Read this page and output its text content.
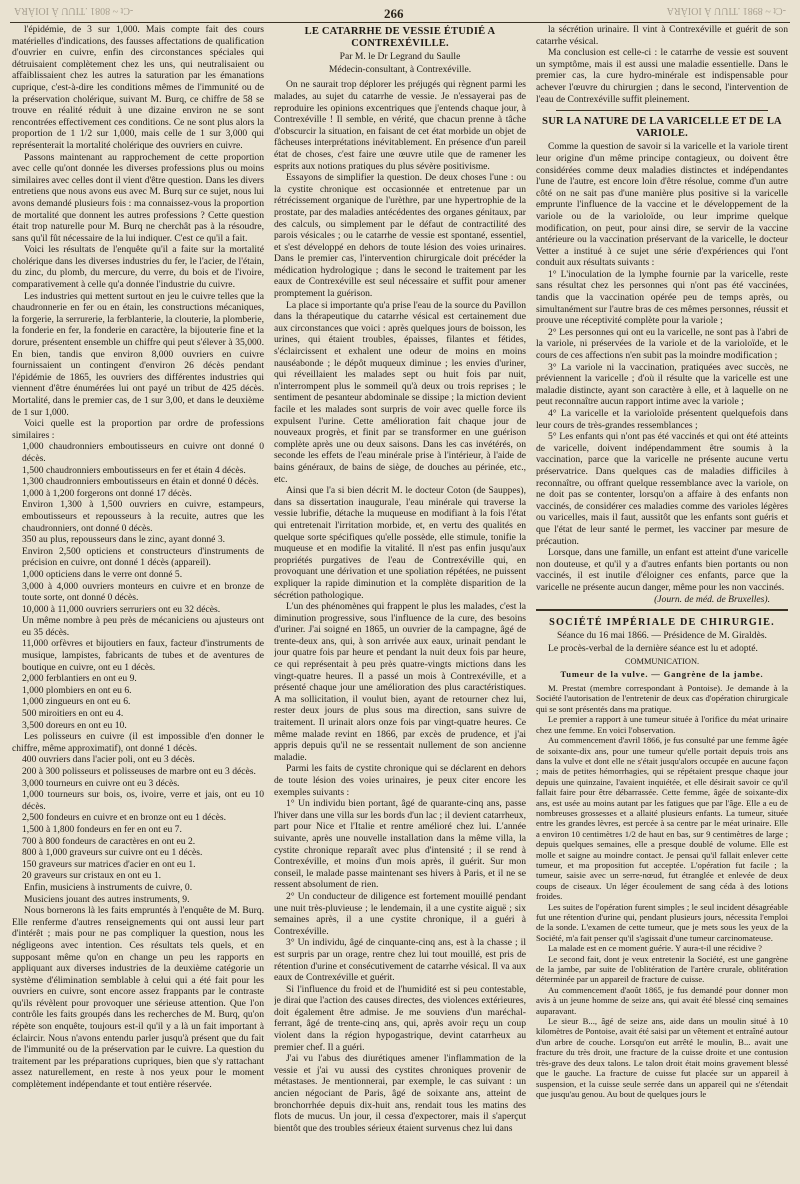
-Ct ~ 8981 .TIUU À IOIÀRA
-Ct ~ 8081 .TIUU À IOIÀRA	266

l'épidémie, de 3 sur 1,000. Mais compte fait des cours matérielles d'indications, des fausses affectations de qualification d'ouvrier en cuivre, enfin des circonstances spéciales qui détruisaient complètement chez les uns, qui neutralisaient ou affaiblissaient chez les autres la saturation par les émanations cuprique, c'est-à-dire les conditions mêmes de l'immunité ou de la préservation cholérique, suivant M. Burq, ce chiffre de 58 se trouve en réalité réduit à une dizaine environ ne se sont rencontrées effectivement ces conditions. Ce ne sont plus alors la proportion de 1 1/2 sur 1,000, mais celle de 1 sur 3,000 qui représenterait la mortalité cholérique des ouvriers en cuivre.

Passons maintenant au rapprochement de cette proportion avec celle qu'ont donnée les diverses professions plus ou moins similaires avec celles dont il vient d'être question. Dans les divers entretiens que nous avons eus avec M. Burq sur ce sujet, nous lui avons demandé plusieurs fois : ma connaissez-vous la proportion de mortalité que donnent les autres professions ? Cette question était trop naturelle pour M. Burq ne cherchât pas à la résoudre, sans qu'il fût nécessaire de la lui indiquer. C'est ce qu'il a fait.

Voici les résultats de l'enquête qu'il a faite sur la mortalité cholérique dans les diverses industries du fer, le l'acier, de l'étain, du zinc, du plomb, du mercure, du verre, du bois et de l'ivoire, comparativement à celle qu'a donnée l'industrie du cuivre.

Les industries qui mettent surtout en jeu le cuivre telles que la chaudronnerie en fer ou en étain, les constructions mécaniques, la forgerie, la serrurerie, la ferblanterie, la clouterie, la plomberie, la fonderie en fer, la fonderie en caractère, la bijouterie fine et la dorure, présentent ensemble un chiffre qui peut s'élever à 35,000. En bien, tandis que environ 8,000 ouvriers en cuivre fournissaient un contingent d'environ 26 décès pendant l'épidémie de 1865, les ouvriers des différentes industries qui viennent d'être énumérées lui ont payé un tribut de 425 décès. Mortalité, dans le premier cas, de 1 sur 3,00, et dans le deuxième de 1 sur 1,000.

Voici quelle est la proportion par ordre de professions similaires :

1,000 chaudronniers emboutisseurs en cuivre ont donné 0 décès.

1,500 chaudronniers emboutisseurs en fer et étain 4 décès.

1,300 chaudronniers emboutisseurs en étain et donné 0 décès.

1,000 à 1,200 forgerons ont donné 17 décès.

Environ 1,300 à 1,500 ouvriers en cuivre, estampeurs, emboutisseurs et repousseurs à la recuite, autres que les chaudronniers, ont donné 0 décès.

350 au plus, repousseurs dans le zinc, ayant donné 3.

Environ 2,500 opticiens et constructeurs d'instruments de précision en cuivre, ont donné 1 décès (appareil).

1,000 opticiens dans le verre ont donné 5.

3,000 à 4,000 ouvriers monteurs en cuivre et en bronze de toute sorte, ont donné 0 décès.

10,000 à 11,000 ouvriers serruriers ont eu 32 décès.

Un même nombre à peu près de mécaniciens ou ajusteurs ont eu 35 décès.

11,000 orfèvres et bijoutiers en faux, facteur d'instruments de musique, lampistes, fabricants de tubes et de aventures de boutique en cuivre, ont eu 1 décès.

2,000 ferblantiers en ont eu 9.

1,000 plombiers en ont eu 6.

1,000 zingueurs en ont eu 6.

500 miroitiers en ont eu 4.

3,500 doreurs en ont eu 10.

Les polisseurs en cuivre (il est impossible d'en donner le chiffre, même approximatif), ont donné 1 décès.

400 ouvriers dans l'acier poli, ont eu 3 décès.

200 à 300 polisseurs et polisseuses de marbre ont eu 3 décès.

3,000 tourneurs en cuivre ont eu 3 décès.

1,000 tourneurs sur bois, os, ivoire, verre et jais, ont eu 10 décès.

2,500 fondeurs en cuivre et en bronze ont eu 1 décès.

1,500 à 1,800 fondeurs en fer en ont eu 7.

700 à 800 fondeurs de caractères en ont eu 2.

800 à 1,000 graveurs sur cuivre ont eu 1 décès.

150 graveurs sur matrices d'acier en ont eu 1.

20 graveurs sur cristaux en ont eu 1.

Enfin, musiciens à instruments de cuivre, 0.

Musiciens jouant des autres instruments, 9.

Nous bornerons là les faits empruntés à l'enquête de M. Burq. Elle renferme d'autres renseignements qui ont aussi leur part d'intérêt ; mais pour ne pas compliquer la question, nous les négligeons avec intention. Ces résultats tels quels, et en supposant même qu'on en change un peu les rapports en appliquant aux diverses industries de la deuxième catégorie un système d'élimination semblable à celui qui a été fait pour les ouvriers en cuivre, sont encore assez frappants par le contraste qu'ils révèlent pour provoquer une sérieuse attention. Que l'on contrôle les faits groupés dans les recherches de M. Burq, qu'on répète son enquête, toujours est-il qu'il y a là un fait important à éclaircir. Nous n'avons entendu parler jusqu'à présent que du fait de l'immunité ou de la préservation par le cuivre. La question du traitement par les préparations cupriques, bien que s'y rattachant assez naturellement, en reste à nos yeux pour le moment complètement indépendante et tout entière réservée.

LE CATARRHE DE VESSIE ÉTUDIÉ A CONTREXÉVILLE.
Par M. le Dr Legrand du Saulle
Médecin-consultant, à Contrexéville.

On ne saurait trop déplorer les préjugés qui règnent parmi les malades, au sujet du catarrhe de vessie. Je n'essayerai pas de reproduire les opinions excentriques que j'entends chaque jour, à Contrexéville ! Il semble, en vérité, que chacun prenne à tâche d'obscurcir la situation, en faisant de cet état morbide un objet de fâcheuses interprétations inévitablement. En présence d'un pareil état de choses, c'est faire une œuvre utile que de ramener les esprits aux notions pratiques du plus sévère positivisme.

Essayons de simplifier la question. De deux choses l'une : ou la cystite chronique est occasionnée et entretenue par un rétrécissement organique de l'urèthre, par une hypertrophie de la prostate, par des maladies antécédentes des organes génitaux, par des calculs, ou simplement par le défaut de contractilité des parois vésicales ; ou le catarrhe de vessie est spontané, essentiel, et s'est développé en dehors de toute lésion des voies urinaires. Dans le premier cas, l'intervention chirurgicale doit précéder la médication hydrologique ; dans le second le traitement par les eaux de Contrexéville est seul nécessaire et suffit pour amener promptement la guérison.

La place si importante qu'a prise l'eau de la source du Pavillon dans la thérapeutique du catarrhe vésical est certainement due aux circonstances que voici : après quelques jours de boisson, les urines, qui étaient troubles, épaisses, filantes et fétides, s'éclaircissent et exhalent une odeur de moins en moins nauséabonde ; le dépôt muqueux diminue ; les envies d'uriner, qui réveillaient les malades sept ou huit fois par nuit, n'interrompent plus le sommeil qu'à deux ou trois reprises ; le sentiment de pesanteur abdominale se dissipe ; la miction devient facile et les malades sont surpris de voir avec quelle force ils expulsent l'urine. Cette amélioration fait chaque jour de nouveaux progrès, et finit par se transformer en une guérison complète après une ou deux saisons. Dans les cas invétérés, on seconde les effets de l'eau minérale prise à l'intérieur, à l'aide de bains généraux, de bains de siège, de douches au périnée, etc., etc.

Ainsi que l'a si bien décrit M. le docteur Coton (de Sauppes), dans sa dissertation inaugurale, l'eau minérale qui traverse la vessie lubrifie, détache la muqueuse en modifiant à la fois l'état qui entretenait l'irritation morbide, et, en vertu des qualités en quelque sorte spécifiques qu'elle possède, elle stimule, tonifie la muqueuse et en modifie la vitalité. Il n'est pas enfin jusqu'aux propriétés purgatives de l'eau de Contrexéville qui, en provoquant une dérivation et une spoliation répétées, ne puissent expliquer la rapide diminution et la complète disparition de la sécrétion pathologique.

L'un des phénomènes qui frappent le plus les malades, c'est la diminution progressive, sous l'influence de la cure, des besoins d'uriner. J'ai soigné en 1865, un ouvrier de la campagne, âgé de trente-deux ans, qui, à son arrivée aux eaux, urinait pendant le jour quatre fois par heure et pendant la nuit deux fois par heure, ce qui représentait à peu près quatre-vingts mictions dans les vingt-quatre heures. Il a passé un mois à Contrexéville, et a présenté chaque jour une amélioration des plus caractéristiques. A ma sollicitation, il voulut bien, ayant de retourner chez lui, rester deux jours de plus sous ma direction, sans suivre de traitement. Il urinait alors onze fois par vingt-quatre heures. Ce même malade revint en 1866, par excès de prudence, et j'ai appris depuis qu'il ne se ressentait nullement de son ancienne maladie.

Parmi les faits de cystite chronique qui se déclarent en dehors de toute lésion des voies urinaires, je peux citer encore les exemples suivants :

1° Un individu bien portant, âgé de quarante-cinq ans, passe l'hiver dans une villa sur les bords d'un lac ; il devient catarrheux, part pour Nice et l'Italie et rentre amélioré chez lui. L'année suivante, après une nouvelle installation dans la même villa, la cystite chronique reparaît avec plus d'intensité ; il se rend à Contrexéville, et moins d'un mois après, il guérit. Sur mon conseil, le malade passe maintenant ses hivers à Paris, et il ne se ressent absolument de rien.

2° Un conducteur de diligence est fortement mouillé pendant une nuit très-pluvieuse ; le lendemain, il a une cystite aiguë ; six semaines après, il a une cystite chronique, il a guéri à Contrexéville.

3° Un individu, âgé de cinquante-cinq ans, est à la chasse ; il est surpris par un orage, rentre chez lui tout mouillé, est pris de rétention d'urine et consécutivement de catarrhe vésical. Il va aux eaux de Contrexéville et guérit.

Si l'influence du froid et de l'humidité est si peu contestable, je dirai que l'action des causes directes, des violences extérieures, doit également être admise. Je me souviens d'un maréchal-ferrant, âgé de trente-cinq ans, qui, après avoir reçu un coup violent dans la région hypogastrique, devint catarrheux au premier chef. Il a guéri.

J'ai vu l'abus des diurétiques amener l'inflammation de la vessie et j'ai vu aussi des cystites chroniques provenir de métastases. Je mentionnerai, par exemple, le cas suivant : un ancien négociant de Paris, âgé de soixante ans, atteint de bronchorrhée depuis dix-huit ans, rendait tous les matins des flots de mucus. Un jour, il cessa d'expectorer, mais il s'aperçut bientôt que des troubles sérieux étaient survenus chez lui dans

la sécrétion urinaire. Il vint à Contrexéville et guérit de son catarrhe vésical.

Ma conclusion est celle-ci : le catarrhe de vessie est souvent un symptôme, mais il est aussi une maladie essentielle. Dans le premier cas, la cure hydro-minérale est indispensable pour achever l'œuvre du chirurgien ; dans le second, l'intervention de l'eau de Contrexéville suffit pleinement.

SUR LA NATURE DE LA VARICELLE ET DE LA VARIOLE.

Comme la question de savoir si la varicelle et la variole tirent leur origine d'un même principe contagieux, ou doivent être considérées comme deux maladies distinctes et indépendantes l'une de l'autre, est encore loin d'être résolue, comme d'un autre côté on ne sait pas d'une manière plus positive si la varicelle emprunte l'influence de la vaccine et le développement de la variole ou de la varioloïde, ou leur imprime quelque modification, on peut, pour ainsi dire, se servir de la vaccine antérieure ou la vaccination préservant de la varicelle, le docteur Vetter a institué à ce sujet une série d'expériences qui l'ont conduit aux résultats suivants :

1° L'inoculation de la lymphe fournie par la varicelle, reste sans résultat chez les personnes qui n'ont pas été vaccinées, tandis que la vaccination opérée peu de temps après, ou simultanément sur l'autre bras de ces mêmes personnes, réussit et prouve une réceptivité complète pour la variole ;

2° Les personnes qui ont eu la varicelle, ne sont pas à l'abri de la variole, ni préservées de la variole et de la varioloïde, et le cours de ces affections n'en subit pas la moindre modification ;

3° La variole ni la vaccination, pratiquées avec succès, ne préviennent la varicelle ; d'où il résulte que la varicelle est une maladie distincte, ayant son caractère à elle, et à laquelle on ne peut reconnaître aucun rapport intime avec la variole ;

4° La varicelle et la varioloïde présentent quelquefois dans leur cours de très-grandes ressemblances ;

5° Les enfants qui n'ont pas été vaccinés et qui ont été atteints de varicelle, doivent indépendamment être soumis à la vaccination, parce que la varicelle ne présente aucune vertu préservatrice. Dans quelques cas de maladies difficiles à reconnaître, ou offrant quelque ressemblance avec la variole, on ne doit pas se contenter, lorsqu'on a affaire à des enfants non vaccinés, de considérer ces maladies comme des varioles légères ou varicelles, mais il faut, aussitôt que les enfants sont guéris et que l'état de leur santé le permet, les vacciner par mesure de précaution.

Lorsque, dans une famille, un enfant est atteint d'une varicelle non douteuse, et qu'il y a d'autres enfants bien portants ou non vaccinés, il est inutile d'éloigner ces enfants, parce que la varicelle ne présente aucun danger, même pour les non vaccinés.

(Journ. de méd. de Bruxelles).

SOCIÉTÉ IMPÉRIALE DE CHIRURGIE.
Séance du 16 mai 1866. — Présidence de M. Giraldès.

Le procès-verbal de la dernière séance est lu et adopté.

COMMUNICATION.
Tumeur de la vulve. — Gangrène de la jambe.

M. Prestat (membre correspondant à Pontoise). Je demande à la Société l'autorisation de l'entretenir de deux cas d'opération chirurgicale qui se sont présentés dans ma pratique.

Le premier a rapport à une tumeur située à l'orifice du méat urinaire chez une femme. En voici l'observation.

Au commencement d'avril 1866, je fus consulté par une femme âgée de soixante-dix ans, pour une tumeur qu'elle portait depuis trois ans dans la vulve et dont elle ne s'était jusqu'alors occupée en aucune façon ; mais de petites hémorrhagies, qui se répétaient presque chaque jour depuis une quinzaine, l'avaient inquiétée, et elle désirait savoir ce qu'il fallait faire pour être débarrassée. Cette femme, âgée de soixante-dix ans, est usée au moins autant par les fatigues que par l'âge. Elle a eu de nombreuses grossesses et a allaité plusieurs enfants. La tumeur, située entre les grandes lèvres, est percée à sa centre par le méat urinaire. Elle a environ 10 centimètres 1/2 de haut en bas, sur 9 centimètres de large ; depuis quelques semaines, elle a presque doublé de volume. Elle est molle et saigne au moindre contact. Je pensai qu'il fallait enlever cette tumeur, et ma proposition fut acceptée. L'opération fut facile ; la tumeur, saisie avec un serre-nœud, fut étranglée et enlevée de deux coups de ciseaux. Un léger écoulement de sang céda à des lotions froides.

Les suites de l'opération furent simples ; le seul incident désagréable fut une rétention d'urine qui, pendant plusieurs jours, nécessita l'emploi de la sonde. L'examen de cette tumeur, que je mets sous les yeux de la Société, m'a fait penser qu'il s'agissait d'une tumeur carcinomateuse.

La malade est en ce moment guérie. Y aura-t-il une récidive ?

Le second fait, dont je veux entretenir la Société, est une gangrène de la jambe, par suite de l'oblitération de l'artère crurale, oblitération déterminée par un appareil de fracture de cuisse.

Au commencement d'août 1865, je fus demandé pour donner mon avis à un jeune homme de seize ans, qui avait été blessé cinq semaines auparavant.

Le sieur B..., âgé de seize ans, aide dans un moulin situé à 10 kilomètres de Pontoise, avait été saisi par un vêtement et entraîné autour d'un arbre de couche. Lorsqu'on eut arrêté le moulin, B... avait une fracture du très droit, une fracture de la cuisse droite et une contusion très-grave des deux talons. Le talon droit était moins gravement blessé que le gauche. La fracture de cuisse fut placée sur un appareil à suspension, et la cuisse seule serrée dans un appareil qui ne s'étendait que jusqu'au genou. Au bout de quelques jours le
